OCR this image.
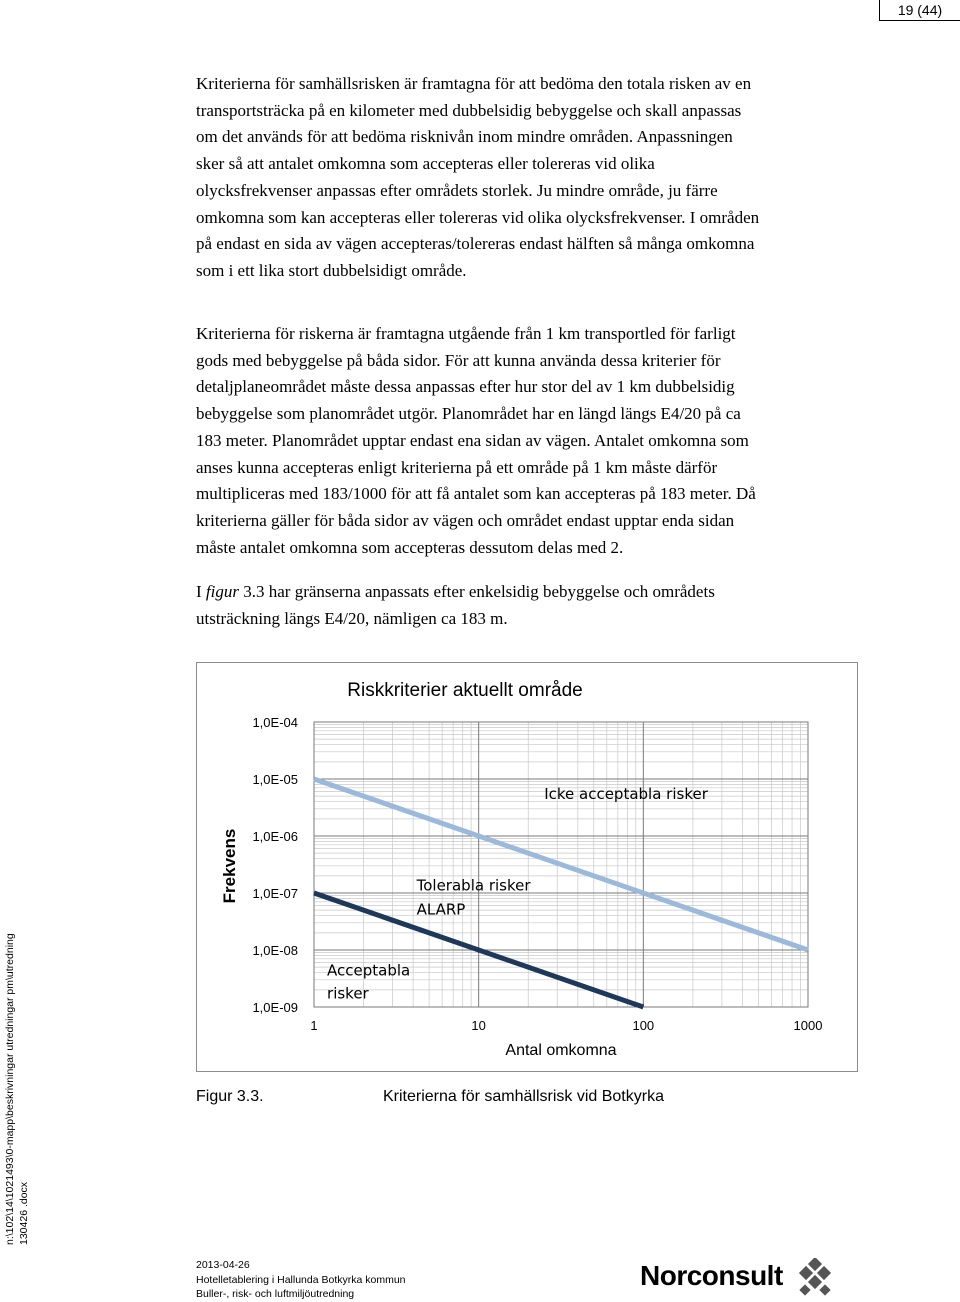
19 (44)
n:\102\14\1021493\0-mapp\beskrivningar utredningar pm\utredning 130426 .docx
Kriterierna för samhällsrisken är framtagna för att bedöma den totala risken av en
transportsträcka på en kilometer med dubbelsidig bebyggelse och skall anpassas
om det används för att bedöma risknivån inom mindre områden. Anpassningen
sker så att antalet omkomna som accepteras eller tolereras vid olika
olycksfrekvenser anpassas efter områdets storlek. Ju mindre område, ju färre
omkomna som kan accepteras eller tolereras vid olika olycksfrekvenser. I områden
på endast en sida av vägen accepteras/tolereras endast hälften så många omkomna
som i ett lika stort dubbelsidigt område.
Kriterierna för riskerna är framtagna utgående från 1 km transportled för farligt
gods med bebyggelse på båda sidor. För att kunna använda dessa kriterier för
detaljplaneområdet måste dessa anpassas efter hur stor del av 1 km dubbelsidig
bebyggelse som planområdet utgör. Planområdet har en längd längs E4/20 på ca
183 meter. Planområdet upptar endast ena sidan av vägen. Antalet omkomna som
anses kunna accepteras enligt kriterierna på ett område på 1 km måste därför
multipliceras med 183/1000 för att få antalet som kan accepteras på 183 meter. Då
kriterierna gäller för båda sidor av vägen och området endast upptar enda sidan
måste antalet omkomna som accepteras dessutom delas med 2.
I figur 3.3 har gränserna anpassats efter enkelsidig bebyggelse och områdets
utsträckning längs E4/20, nämligen ca 183 m.
1,0E-04
1,0E-05
1,0E-06
1,0E-07
1,0E-08
1,0E-09
1	10	100	1000
Riskkriterier aktuellt område
Antal omkomna
Frekvens
Icke acceptabla risker
Tolerabla risker
ALARP
Acceptabla
risker
Figur 3.3.	Kriterierna för samhällsrisk vid Botkyrka
2013-04-26
Hotelletablering i Hallunda Botkyrka kommun
Buller-, risk- och luftmiljöutredning
Norconsult
